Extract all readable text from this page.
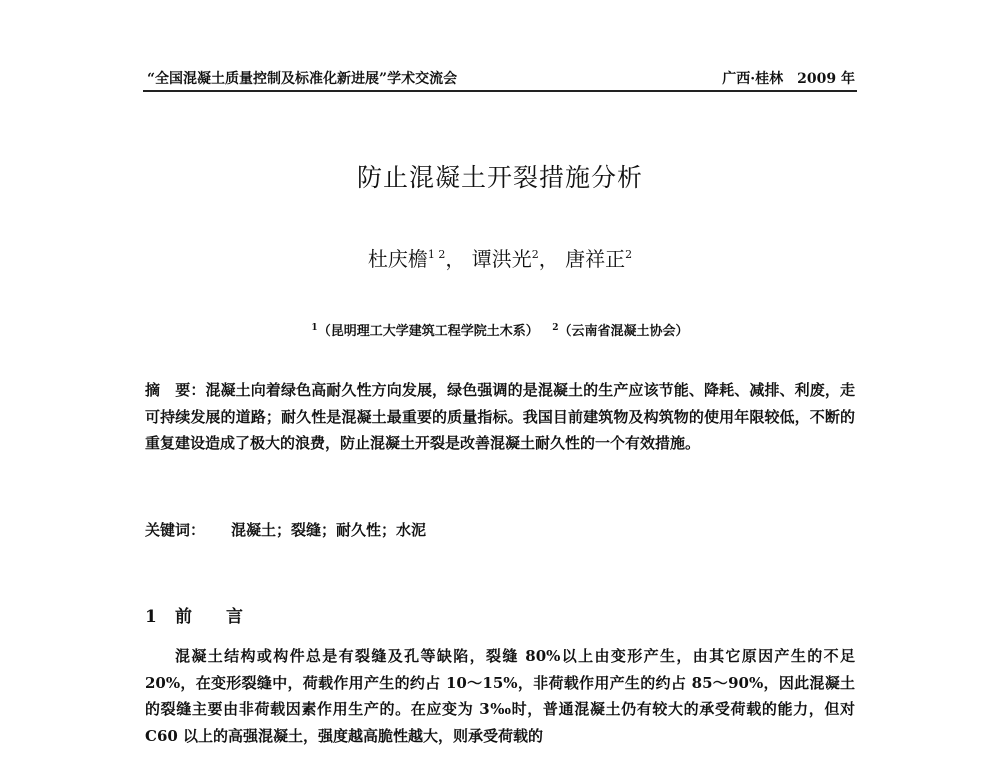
“全国混凝土质量控制及标准化新进展”学术交流会	广西·桂林　2009 年
防止混凝土开裂措施分析
杜庆檐$^{1 2}$， 谭洪光$^2$， 唐祥正$^2$
$^1$（昆明理工大学建筑工程学院土木系） $^2$（云南省混凝土协会）
摘　要：混凝土向着绿色高耐久性方向发展，绿色强调的是混凝土的生产应该节能、降耗、减排、利废，走可持续发展的道路；耐久性是混凝土最重要的质量指标。我国目前建筑物及构筑物的使用年限较低，不断的重复建设造成了极大的浪费，防止混凝土开裂是改善混凝土耐久性的一个有效措施。
关键词： 混凝土；裂缝；耐久性；水泥
1 前　　言
混凝土结构或构件总是有裂缝及孔等缺陷，裂缝 80%以上由变形产生，由其它原因产生的不足 20%，在变形裂缝中，荷载作用产生的约占 10～15%，非荷载作用产生的约占 85～90%，因此混凝土的裂缝主要由非荷载因素作用生产的。在应变为 3‰时，普通混凝土仍有较大的承受荷载的能力，但对 C60 以上的高强混凝土，强度越高脆性越大，则承受荷载的
